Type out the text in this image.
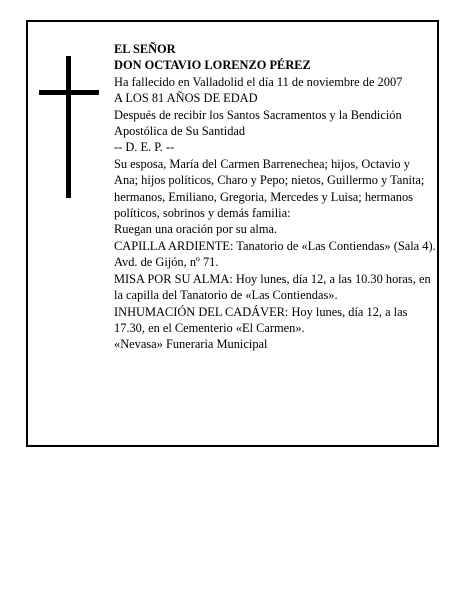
EL SEÑOR

DON OCTAVIO LORENZO PÉREZ

Ha fallecido en Valladolid el día 11 de noviembre de 2007

A LOS 81 AÑOS DE EDAD

Después de recibir los Santos Sacramentos y la Bendición Apostólica de Su Santidad

-- D. E. P. --

Su esposa, María del Carmen Barrenechea; hijos, Octavio y Ana; hijos políticos, Charo y Pepo; nietos, Guillermo y Tanita; hermanos, Emiliano, Gregoria, Mercedes y Luisa; hermanos políticos, sobrinos y demás familia:

Ruegan una oración por su alma.

CAPILLA ARDIENTE: Tanatorio de «Las Contiendas» (Sala 4). Avd. de Gijón, nº 71.

MISA POR SU ALMA: Hoy lunes, día 12, a las 10.30 horas, en la capilla del Tanatorio de «Las Contiendas».

INHUMACIÓN DEL CADÁVER: Hoy lunes, día 12, a las 17.30, en el Cementerio «El Carmen».

«Nevasa» Funeraria Municipal
